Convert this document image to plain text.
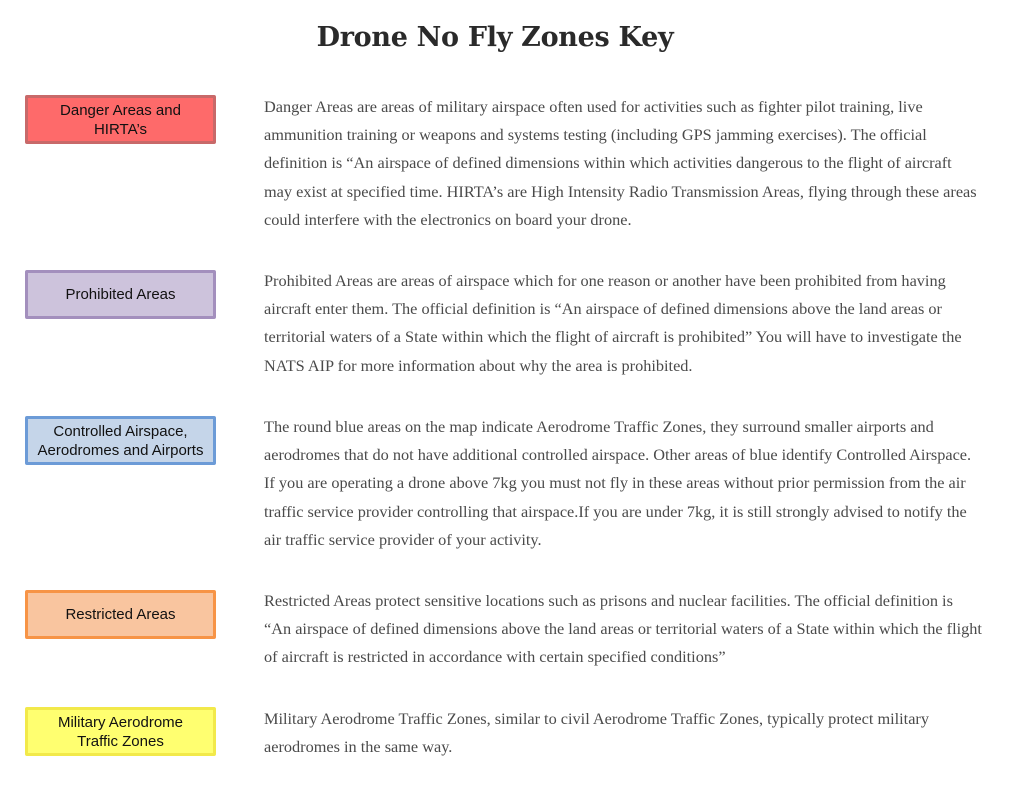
Drone No Fly Zones Key
Danger Areas and
HIRTA’s

Danger Areas are areas of military airspace often used for activities such as fighter pilot training, live ammunition training or weapons and systems testing (including GPS jamming exercises). The official definition is “An airspace of defined dimensions within which activities dangerous to the flight of aircraft may exist at specified time. HIRTA’s are High Intensity Radio Transmission Areas, flying through these areas could interfere with the electronics on board your drone.

Prohibited Areas

Prohibited Areas are areas of airspace which for one reason or another have been prohibited from having aircraft enter them. The official definition is “An airspace of defined dimensions above the land areas or territorial waters of a State within which the flight of aircraft is prohibited” You will have to investigate the NATS AIP for more information about why the area is prohibited.

Controlled Airspace,
Aerodromes and Airports

The round blue areas on the map indicate Aerodrome Traffic Zones, they surround smaller airports and aerodromes that do not have additional controlled airspace. Other areas of blue identify Controlled Airspace. If you are operating a drone above 7kg you must not fly in these areas without prior permission from the air traffic service provider controlling that airspace.If you are under 7kg, it is still strongly advised to notify the air traffic service provider of your activity.

Restricted Areas

Restricted Areas protect sensitive locations such as prisons and nuclear facilities. The official definition is “An airspace of defined dimensions above the land areas or territorial waters of a State within which the flight of aircraft is restricted in accordance with certain specified conditions”

Military Aerodrome
Traffic Zones

Military Aerodrome Traffic Zones, similar to civil Aerodrome Traffic Zones, typically protect military aerodromes in the same way.
